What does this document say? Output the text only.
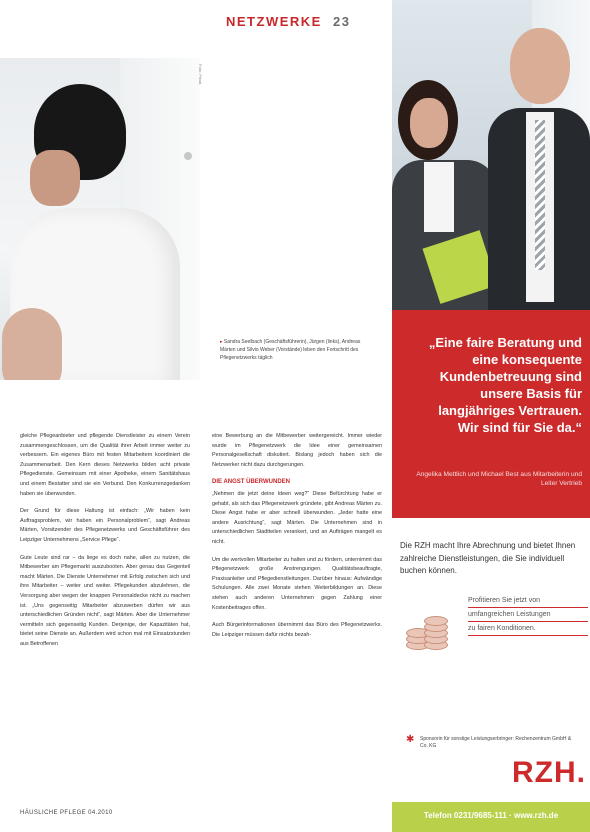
NETZWERKE 23
Foto: Privat
▸ Sandra Seelbach (Geschäftsführerin), Jürgen (links), Andreas Märten und Silvio Weber (Vorstände) leben den Fortschritt des Pflegenetzwerks täglich

gleiche Pflegeanbieter und pflegende Dienstleister zu einem Verein zusammengeschlossen, um die Qualität ihrer Arbeit immer weiter zu verbessern. Ein eigenes Büro mit festen Mitarbeitern koordiniert die Zusammenarbeit. Den Kern dieses Netzwerks bilden acht private Pflegedienste. Gemeinsam mit einer Apotheke, einem Sanitätshaus und einem Bestatter sind sie ein Verbund. Den Konkurrenzgedanken haben sie überwunden.

Der Grund für diese Haltung ist einfach: „Wir haben kein Auftragsproblem, wir haben ein Personalproblem“, sagt Andreas Märten, Vorsitzender des Pflegenetzwerks und Geschäftsführer des Leipziger Unternehmens „Service Pflege“.

Gute Leute sind rar – da liege es doch nahe, allen zu nutzen, die Mitbewerber am Pflegemarkt auszubooten. Aber genau das Gegenteil macht Märten. Die Dienste Unternehmer mit Erfolg zwischen sich und ihre Mitarbeiter – weiter und weiter. Pflegekunden abzulehnen, die Versorgung aber wegen der knappen Personaldecke nicht zu machen ist. „Uns gegenseitig Mitarbeiter abzuwerben dürfen wir aus unterschiedlichen Gründen nicht“, sagt Märten. Aber die Unternehmer vermitteln sich gegenseitig Kunden. Derjenige, der Kapazitäten hat, bietet seine Dienste an. Außerdem wird schon mal mit Einsatzstunden aus Betroffenen

eine Bewerbung an die Mitbewerber weitergereicht. Immer wieder wurde im Pflegenetzwerk die Idee einer gemeinsamen Personalgesellschaft diskutiert. Bislang jedoch haben sich die Netzwerker nicht dazu durchgerungen.

DIE ANGST ÜBERWUNDEN

„Nehmen die jetzt deine Ideen weg?“ Diese Befürchtung habe er gehabt, als sich das Pflegenetzwerk gründete, gibt Andreas Märten zu. Diese Angst habe er aber schnell überwunden. „Jeder hatte eine andere Ausrichtung“, sagt Märten. Die Unternehmen sind in unterschiedlichen Stadtteilen verankert, und an Aufträgen mangelt es nicht.

Um die wertvollen Mitarbeiter zu halten und zu fördern, unternimmt das Pflegenetzwerk große Anstrengungen. Qualitätsbeauftragte, Praxisanleiter und Pflegedienstleitungen. Darüber hinaus: Aufwändige Schulungen. Alle zwei Monate stehen Weiterbildungen an. Diese stehen auch anderen Unternehmen gegen Zahlung einer Kostenbeitrages offen.

Auch Bürgerinformationen übernimmt das Büro des Pflegenetzwerks. Die Leipziger müssen dafür nichts bezah-

HÄUSLICHE PFLEGE 04.2010
„Eine faire Beratung und eine konsequente Kundenbetreuung sind unsere Basis für langjähriges Vertrauen. Wir sind für Sie da.“
Angelika Mettlich und Michael Best aus Mitarbeiterin und Leiter Vertrieb
Die RZH macht Ihre Abrechnung und bietet Ihnen zahlreiche Dienstleistungen, die Sie individuell buchen können.
Profitieren Sie jetzt von
umfangreichen Leistungen
zu fairen Konditionen.
✱ Sponsorin für sonstige Leistungserbringer: Rechenzentrum GmbH & Co. KG
RZH.
Telefon 0231/9685-111 · www.rzh.de
